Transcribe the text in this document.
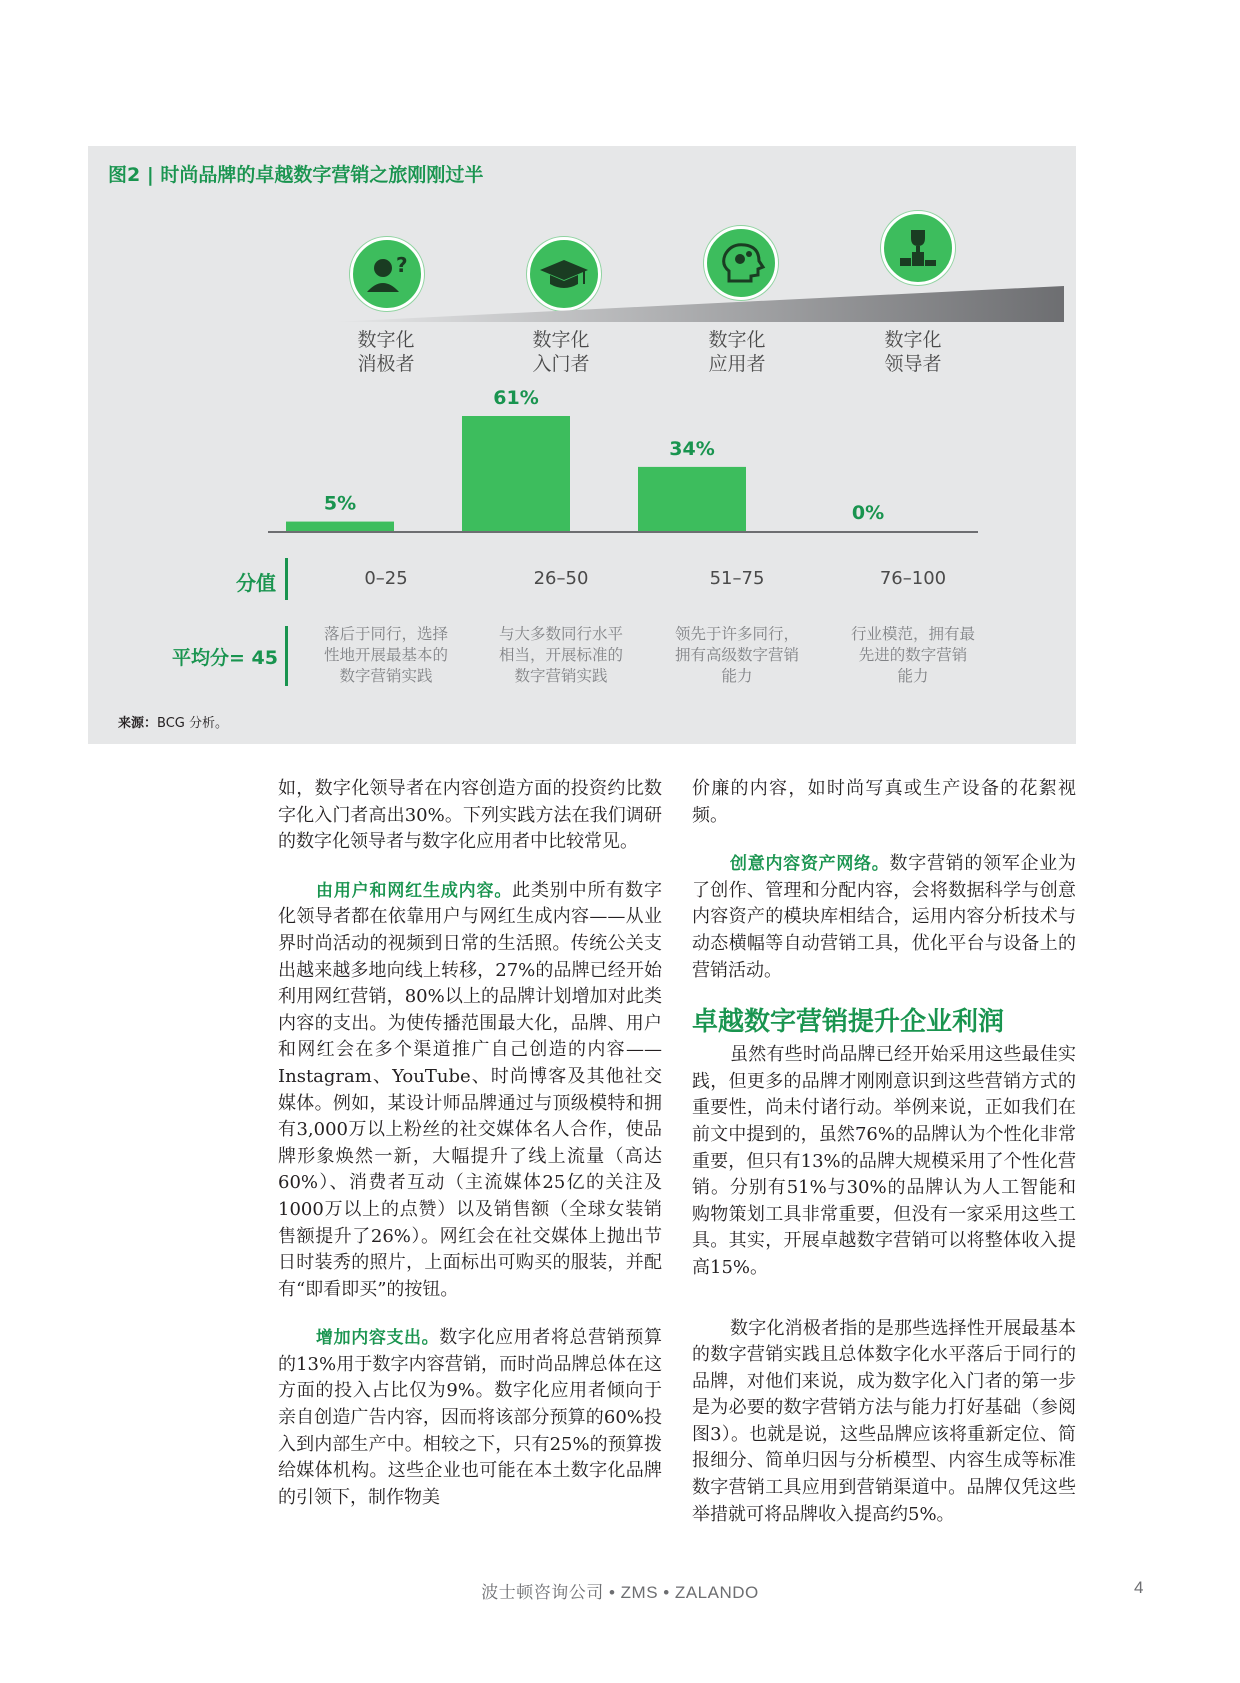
图2 | 时尚品牌的卓越数字营销之旅刚刚过半
?
数字化
消极者
数字化
入门者
数字化
应用者
数字化
领导者
5%
61%
34%
0%
分值	0–25	26–50	51–75	76–100
平均分= 45
落后于同行，选择
性地开展最基本的
数字营销实践
与大多数同行水平
相当，开展标准的
数字营销实践
领先于许多同行，
拥有高级数字营销
能力
行业模范，拥有最
先进的数字营销
能力
来源：BCG 分析。

如，数字化领导者在内容创造方面的投资约比数字化入门者高出30%。下列实践方法在我们调研的数字化领导者与数字化应用者中比较常见。

由用户和网红生成内容。此类别中所有数字化领导者都在依靠用户与网红生成内容——从业界时尚活动的视频到日常的生活照。传统公关支出越来越多地向线上转移，27%的品牌已经开始利用网红营销，80%以上的品牌计划增加对此类内容的支出。为使传播范围最大化，品牌、用户和网红会在多个渠道推广自己创造的内容——Instagram、YouTube、时尚博客及其他社交媒体。例如，某设计师品牌通过与顶级模特和拥有3,000万以上粉丝的社交媒体名人合作，使品牌形象焕然一新，大幅提升了线上流量（高达60%）、消费者互动（主流媒体25亿的关注及1000万以上的点赞）以及销售额（全球女装销售额提升了26%）。网红会在社交媒体上抛出节日时装秀的照片，上面标出可购买的服装，并配有“即看即买”的按钮。

增加内容支出。数字化应用者将总营销预算的13%用于数字内容营销，而时尚品牌总体在这方面的投入占比仅为9%。数字化应用者倾向于亲自创造广告内容，因而将该部分预算的60%投入到内部生产中。相较之下，只有25%的预算拨给媒体机构。这些企业也可能在本土数字化品牌的引领下，制作物美

价廉的内容，如时尚写真或生产设备的花絮视频。

创意内容资产网络。数字营销的领军企业为了创作、管理和分配内容，会将数据科学与创意内容资产的模块库相结合，运用内容分析技术与动态横幅等自动营销工具，优化平台与设备上的营销活动。

卓越数字营销提升企业利润

虽然有些时尚品牌已经开始采用这些最佳实践，但更多的品牌才刚刚意识到这些营销方式的重要性，尚未付诸行动。举例来说，正如我们在前文中提到的，虽然76%的品牌认为个性化非常重要，但只有13%的品牌大规模采用了个性化营销。分别有51%与30%的品牌认为人工智能和购物策划工具非常重要，但没有一家采用这些工具。其实，开展卓越数字营销可以将整体收入提高15%。

数字化消极者指的是那些选择性开展最基本的数字营销实践且总体数字化水平落后于同行的品牌，对他们来说，成为数字化入门者的第一步是为必要的数字营销方法与能力打好基础（参阅图3）。也就是说，这些品牌应该将重新定位、简报细分、简单归因与分析模型、内容生成等标准数字营销工具应用到营销渠道中。品牌仅凭这些举措就可将品牌收入提高约5%。

波士顿咨询公司 • ZMS • ZALANDO	4
